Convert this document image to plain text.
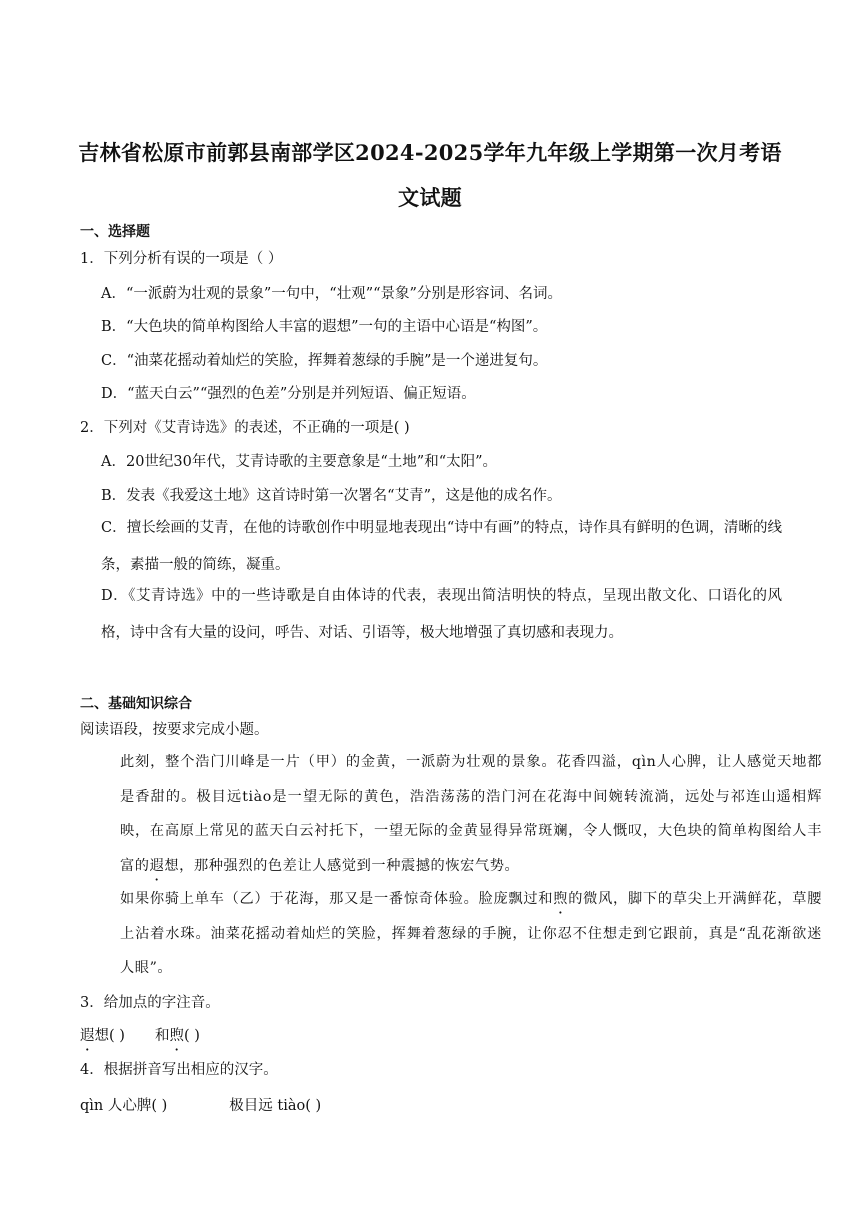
吉林省松原市前郭县南部学区2024-2025学年九年级上学期第一次月考语
文试题
一、选择题
1．下列分析有误的一项是（ ）
A．“一派蔚为壮观的景象”一句中，“壮观”“景象”分别是形容词、名词。
B．“大色块的简单构图给人丰富的遐想”一句的主语中心语是“构图”。
C．“油菜花摇动着灿烂的笑脸，挥舞着葱绿的手腕”是一个递进复句。
D．“蓝天白云”“强烈的色差”分别是并列短语、偏正短语。
2．下列对《艾青诗选》的表述，不正确的一项是( )
A．20世纪30年代，艾青诗歌的主要意象是“土地”和“太阳”。
B．发表《我爱这土地》这首诗时第一次署名“艾青”，这是他的成名作。
C．擅长绘画的艾青，在他的诗歌创作中明显地表现出“诗中有画”的特点，诗作具有鲜明的色调，清晰的线条，素描一般的简练，凝重。
D．《艾青诗选》中的一些诗歌是自由体诗的代表，表现出简洁明快的特点，呈现出散文化、口语化的风格，诗中含有大量的设问，呼告、对话、引语等，极大地增强了真切感和表现力。
二、基础知识综合
阅读语段，按要求完成小题。
此刻，整个浩门川峰是一片（甲）的金黄，一派蔚为壮观的景象。花香四溢，qìn人心脾，让人感觉天地都是香甜的。极目远tiào是一望无际的黄色，浩浩荡荡的浩门河在花海中间婉转流淌，远处与祁连山遥相辉映，在高原上常见的蓝天白云衬托下，一望无际的金黄显得异常斑斓，令人慨叹，大色块的简单构图给人丰富的遐想，那种强烈的色差让人感觉到一种震撼的恢宏气势。
如果你骑上单车（乙）于花海，那又是一番惊奇体验。脸庞飘过和煦的微风，脚下的草尖上开满鲜花，草腰上沾着水珠。油菜花摇动着灿烂的笑脸，挥舞着葱绿的手腕，让你忍不住想走到它跟前，真是“乱花渐欲迷人眼”。
3．给加点的字注音。
遐想( ) 和煦( )
4．根据拼音写出相应的汉字。
qìn 人心脾( )	极目远 tiào( )
